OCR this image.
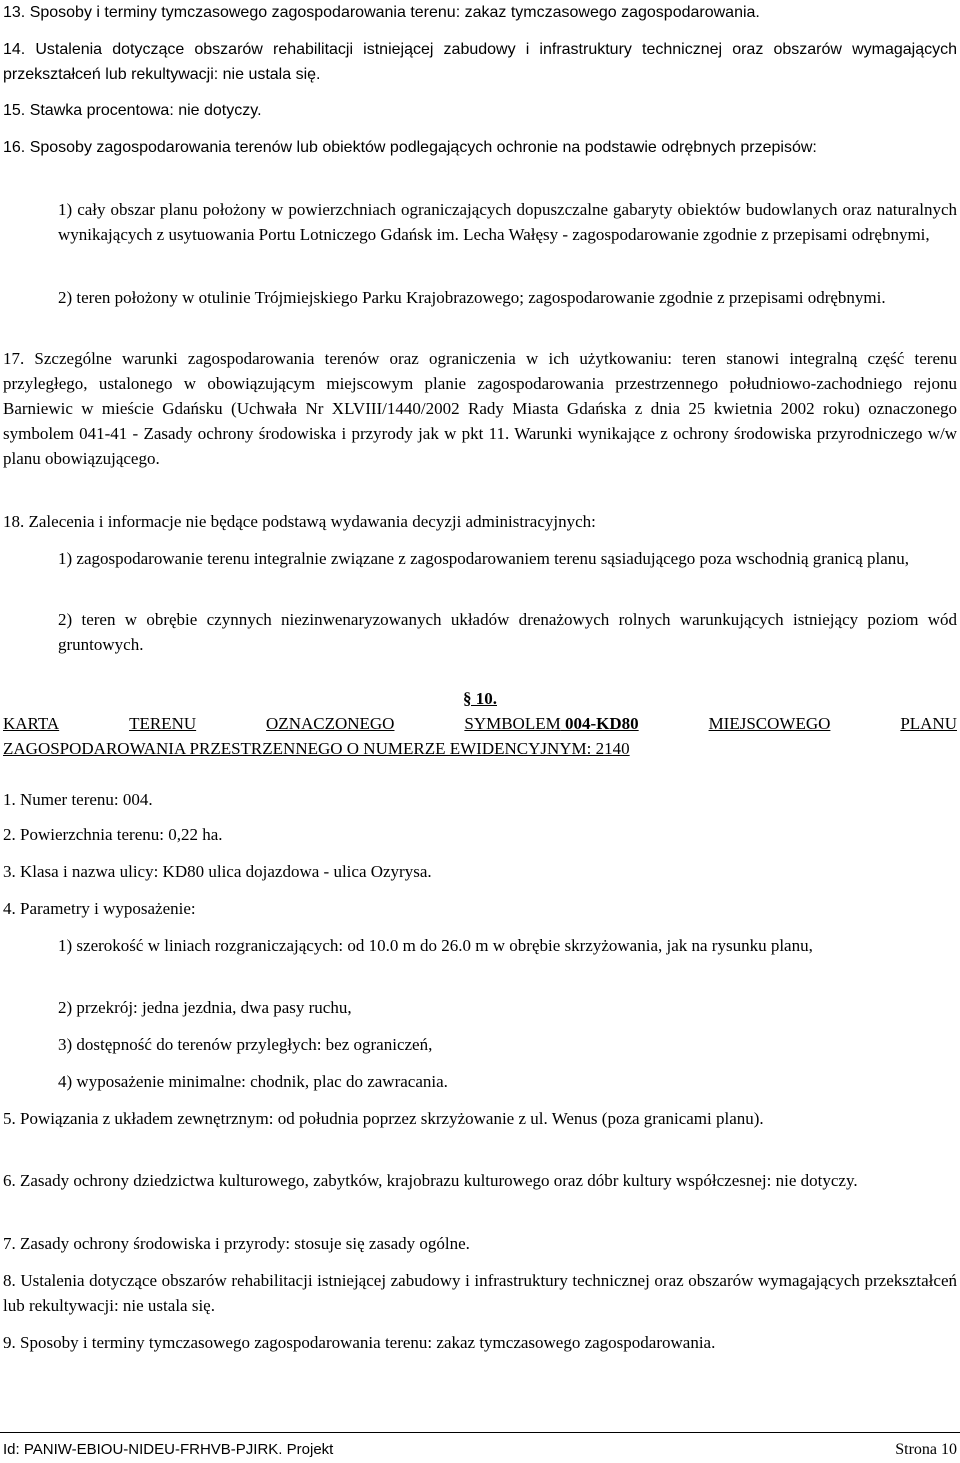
13. Sposoby i terminy tymczasowego zagospodarowania terenu: zakaz tymczasowego zagospodarowania.
14. Ustalenia dotyczące obszarów rehabilitacji istniejącej zabudowy i infrastruktury technicznej oraz obszarów wymagających przekształceń lub rekultywacji: nie ustala się.
15. Stawka procentowa: nie dotyczy.
16. Sposoby zagospodarowania terenów lub obiektów podlegających ochronie na podstawie odrębnych przepisów:
1) cały obszar planu położony w powierzchniach ograniczających dopuszczalne gabaryty obiektów budowlanych oraz naturalnych wynikających z usytuowania Portu Lotniczego Gdańsk im. Lecha Wałęsy - zagospodarowanie zgodnie z przepisami odrębnymi,
2) teren położony w otulinie Trójmiejskiego Parku Krajobrazowego; zagospodarowanie zgodnie z przepisami odrębnymi.
17. Szczególne warunki zagospodarowania terenów oraz ograniczenia w ich użytkowaniu: teren stanowi integralną część terenu przyległego, ustalonego w obowiązującym miejscowym planie zagospodarowania przestrzennego południowo-zachodniego rejonu Barniewic w mieście Gdańsku (Uchwała Nr XLVIII/1440/2002 Rady Miasta Gdańska z dnia 25 kwietnia 2002 roku) oznaczonego symbolem 041-41 - Zasady ochrony środowiska i przyrody jak w pkt 11. Warunki wynikające z ochrony środowiska przyrodniczego w/w planu obowiązującego.
18. Zalecenia i informacje nie będące podstawą wydawania decyzji administracyjnych:
1) zagospodarowanie terenu integralnie związane z zagospodarowaniem terenu sąsiadującego poza wschodnią granicą planu,
2) teren w obrębie czynnych niezinwenaryzowanych układów drenażowych rolnych warunkujących istniejący poziom wód gruntowych.
§ 10.
KARTA	TERENU	OZNACZONEGO	SYMBOLEM 004-KD80	MIEJSCOWEGO	PLANU
ZAGOSPODAROWANIA PRZESTRZENNEGO O NUMERZE EWIDENCYJNYM: 2140
1. Numer terenu: 004.
2. Powierzchnia terenu: 0,22 ha.
3. Klasa i nazwa ulicy: KD80 ulica dojazdowa - ulica Ozyrysa.
4. Parametry i wyposażenie:
1) szerokość w liniach rozgraniczających: od 10.0 m do 26.0 m w obrębie skrzyżowania, jak na rysunku planu,
2) przekrój: jedna jezdnia, dwa pasy ruchu,
3) dostępność do terenów przyległych: bez ograniczeń,
4) wyposażenie minimalne: chodnik, plac do zawracania.
5. Powiązania z układem zewnętrznym: od południa poprzez skrzyżowanie z ul. Wenus (poza granicami planu).
6. Zasady ochrony dziedzictwa kulturowego, zabytków, krajobrazu kulturowego oraz dóbr kultury współczesnej: nie dotyczy.
7. Zasady ochrony środowiska i przyrody: stosuje się zasady ogólne.
8. Ustalenia dotyczące obszarów rehabilitacji istniejącej zabudowy i infrastruktury technicznej oraz obszarów wymagających przekształceń lub rekultywacji: nie ustala się.
9. Sposoby i terminy tymczasowego zagospodarowania terenu: zakaz tymczasowego zagospodarowania.
Id: PANIW-EBIOU-NIDEU-FRHVB-PJIRK. Projekt	Strona 10
